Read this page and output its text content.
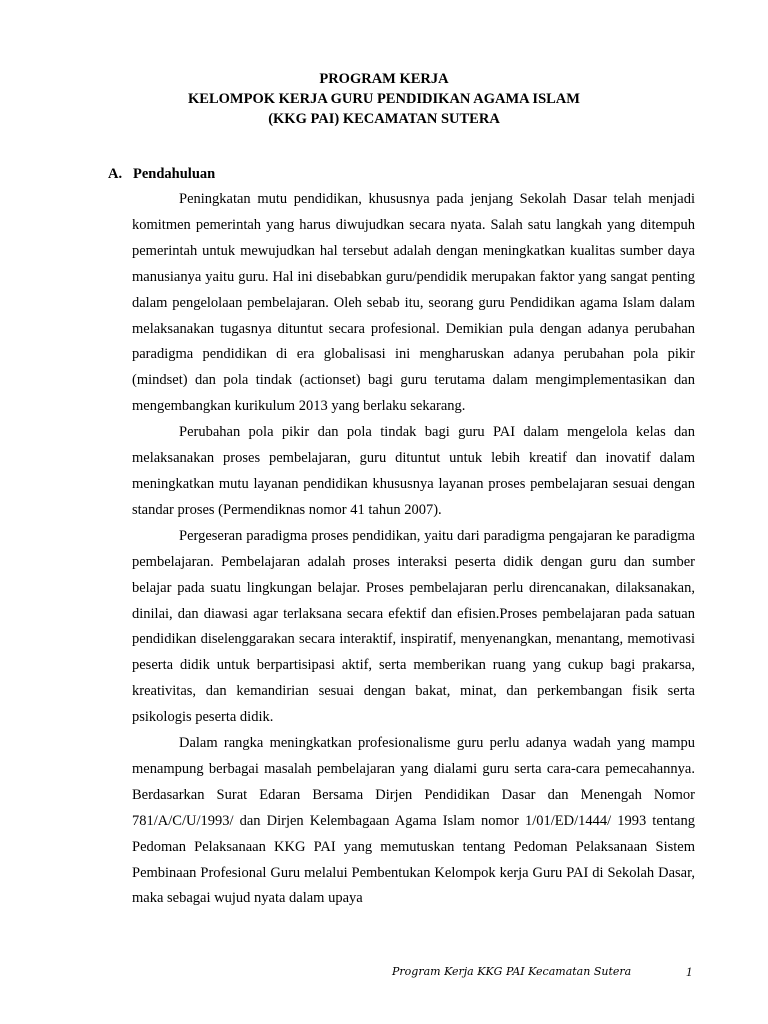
PROGRAM KERJA
KELOMPOK KERJA GURU PENDIDIKAN AGAMA ISLAM
(KKG PAI) KECAMATAN SUTERA
A. Pendahuluan

Peningkatan mutu pendidikan, khususnya pada jenjang Sekolah Dasar telah menjadi komitmen pemerintah yang harus diwujudkan secara nyata. Salah satu langkah yang ditempuh pemerintah untuk mewujudkan hal tersebut adalah dengan meningkatkan kualitas sumber daya manusianya yaitu guru. Hal ini disebabkan guru/pendidik merupakan faktor yang sangat penting dalam pengelolaan pembelajaran. Oleh sebab itu, seorang guru Pendidikan agama Islam dalam melaksanakan tugasnya dituntut secara profesional. Demikian pula dengan adanya perubahan paradigma pendidikan di era globalisasi ini mengharuskan adanya perubahan pola pikir (mindset) dan pola tindak (actionset) bagi guru terutama dalam mengimplementasikan dan mengembangkan kurikulum 2013 yang berlaku sekarang.

Perubahan pola pikir dan pola tindak bagi guru PAI dalam mengelola kelas dan melaksanakan proses pembelajaran, guru dituntut untuk lebih kreatif dan inovatif dalam meningkatkan mutu layanan pendidikan khususnya layanan proses pembelajaran sesuai dengan standar proses (Permendiknas nomor 41 tahun 2007).

Pergeseran paradigma proses pendidikan, yaitu dari paradigma pengajaran ke paradigma pembelajaran. Pembelajaran adalah proses interaksi peserta didik dengan guru dan sumber belajar pada suatu lingkungan belajar. Proses pembelajaran perlu direncanakan, dilaksanakan, dinilai, dan diawasi agar terlaksana secara efektif dan efisien.Proses pembelajaran pada satuan pendidikan diselenggarakan secara interaktif, inspiratif, menyenangkan, menantang, memotivasi peserta didik untuk berpartisipasi aktif, serta memberikan ruang yang cukup bagi prakarsa, kreativitas, dan kemandirian sesuai dengan bakat, minat, dan perkembangan fisik serta psikologis peserta didik.

Dalam rangka meningkatkan profesionalisme guru perlu adanya wadah yang mampu menampung berbagai masalah pembelajaran yang dialami guru serta cara-cara pemecahannya. Berdasarkan Surat Edaran Bersama Dirjen Pendidikan Dasar dan Menengah Nomor 781/A/C/U/1993/ dan Dirjen Kelembagaan Agama Islam nomor 1/01/ED/1444/ 1993 tentang Pedoman Pelaksanaan KKG PAI yang memutuskan tentang Pedoman Pelaksanaan Sistem Pembinaan Profesional Guru melalui Pembentukan Kelompok kerja Guru PAI di Sekolah Dasar, maka sebagai wujud nyata dalam upaya

Program Kerja KKG PAI Kecamatan Sutera	1
